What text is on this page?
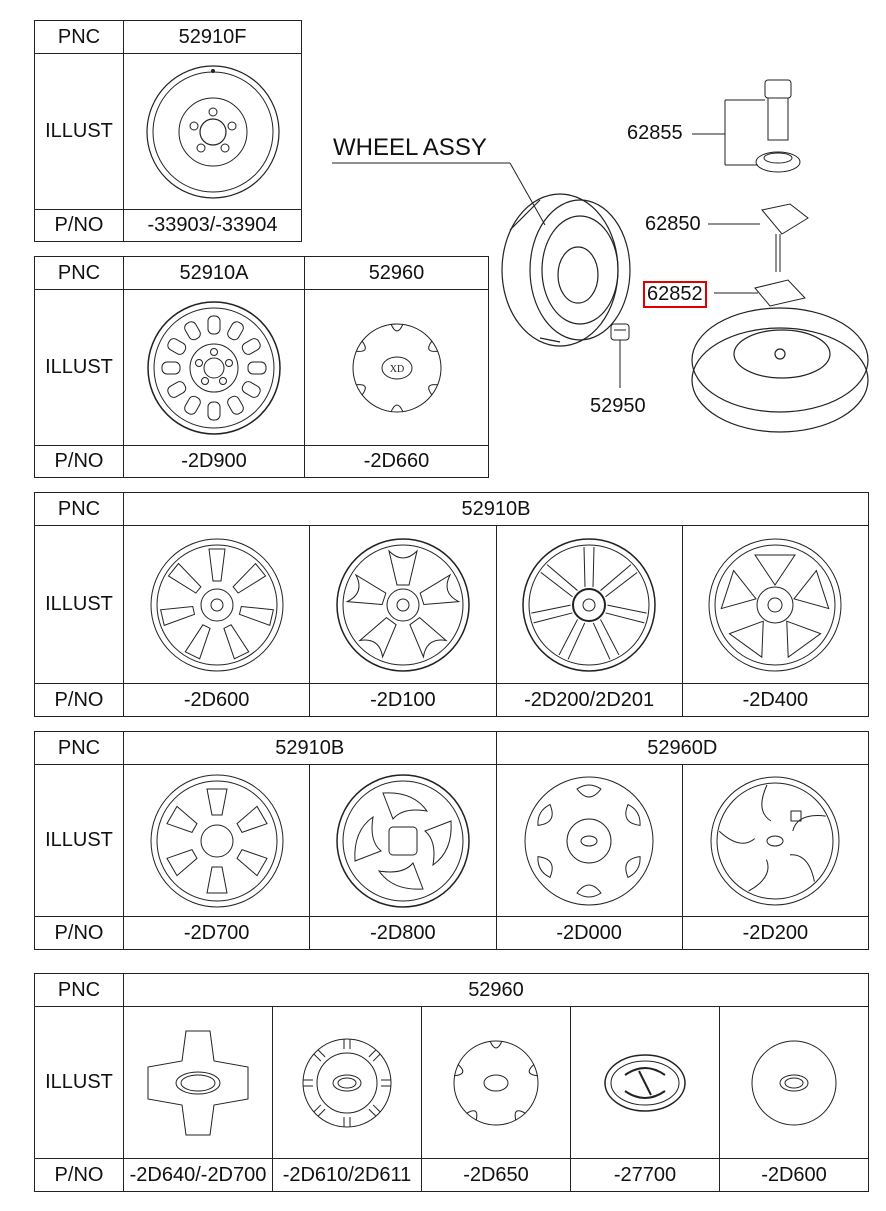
PNC	52910F
ILLUST	

P/NO	-33903/-33904
PNC	52910A	52960
ILLUST		XD

P/NO	-2D900	-2D660
WHEEL ASSY
62855
62850
62852
52950
PNC	52910B			
ILLUST	

P/NO	-2D600	-2D100	-2D200/2D201	-2D400
PNC	52910B		52960D	
ILLUST	

P/NO	-2D700	-2D800	-2D000	-2D200
PNC	52960				
ILLUST	

P/NO	-2D640/-2D700	-2D610/2D611	-2D650	-27700	-2D600
